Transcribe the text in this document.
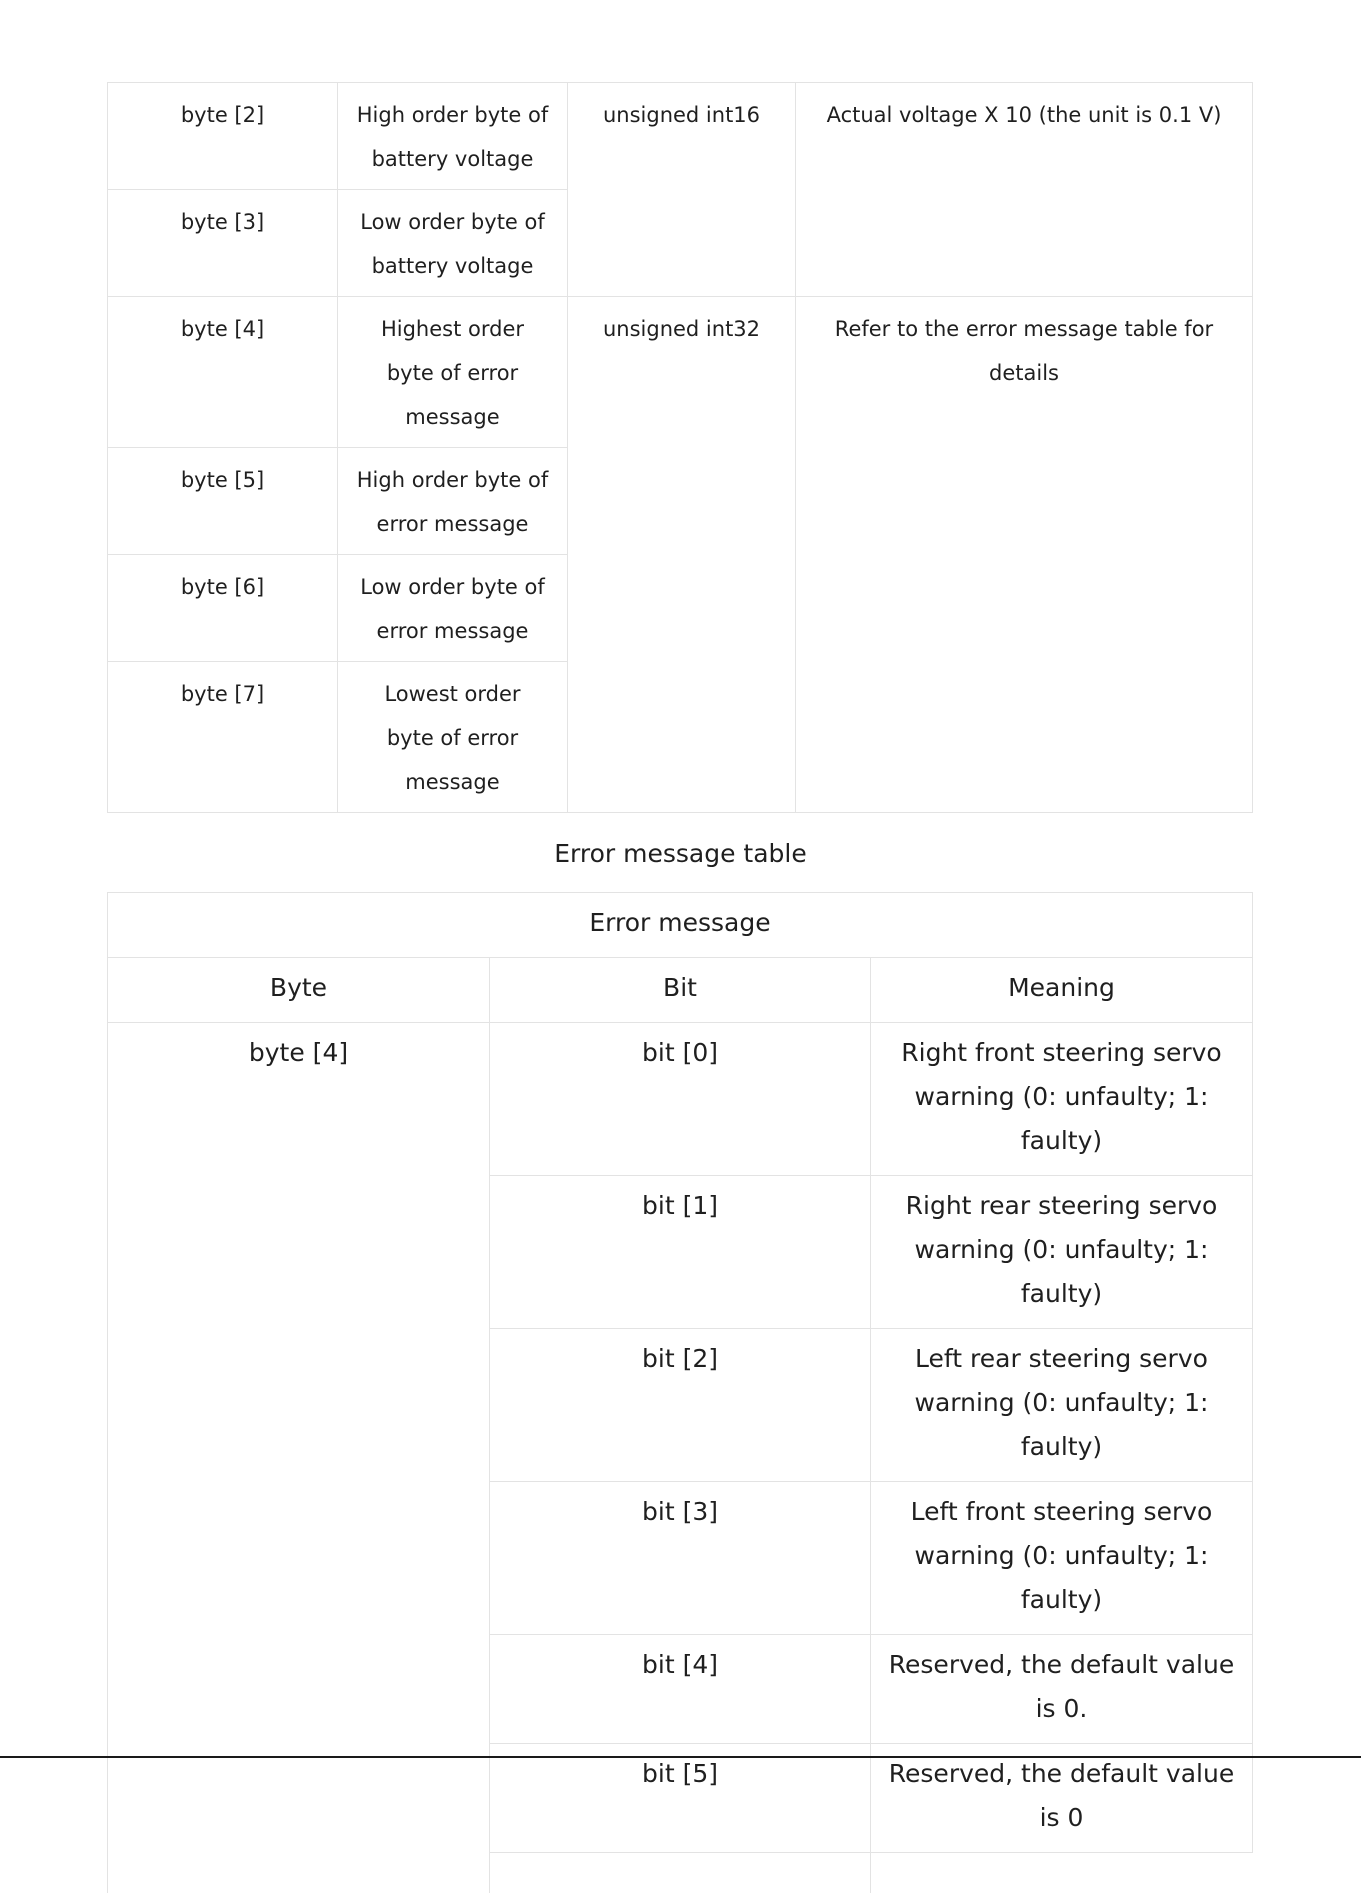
byte [2]	High order byte of battery voltage	unsigned int16	Actual voltage X 10 (the unit is 0.1 V)

byte [3]	Low order byte of battery voltage		

byte [4]	Highest order byte of error message	unsigned int32	Refer to the error message table for details

byte [5]	High order byte of error message		

byte [6]	Low order byte of error message		

byte [7]	Lowest order byte of error message		
Error message table
Error message		

Byte	Bit	Meaning

byte [4]	bit [0]	Right front steering servo warning (0: unfaulty; 1: faulty)

	bit [1]	Right rear steering servo warning (0: unfaulty; 1: faulty)

	bit [2]	Left rear steering servo warning (0: unfaulty; 1: faulty)

	bit [3]	Left front steering servo warning (0: unfaulty; 1: faulty)

	bit [4]	Reserved, the default value is 0.

	bit [5]	Reserved, the default value is 0
